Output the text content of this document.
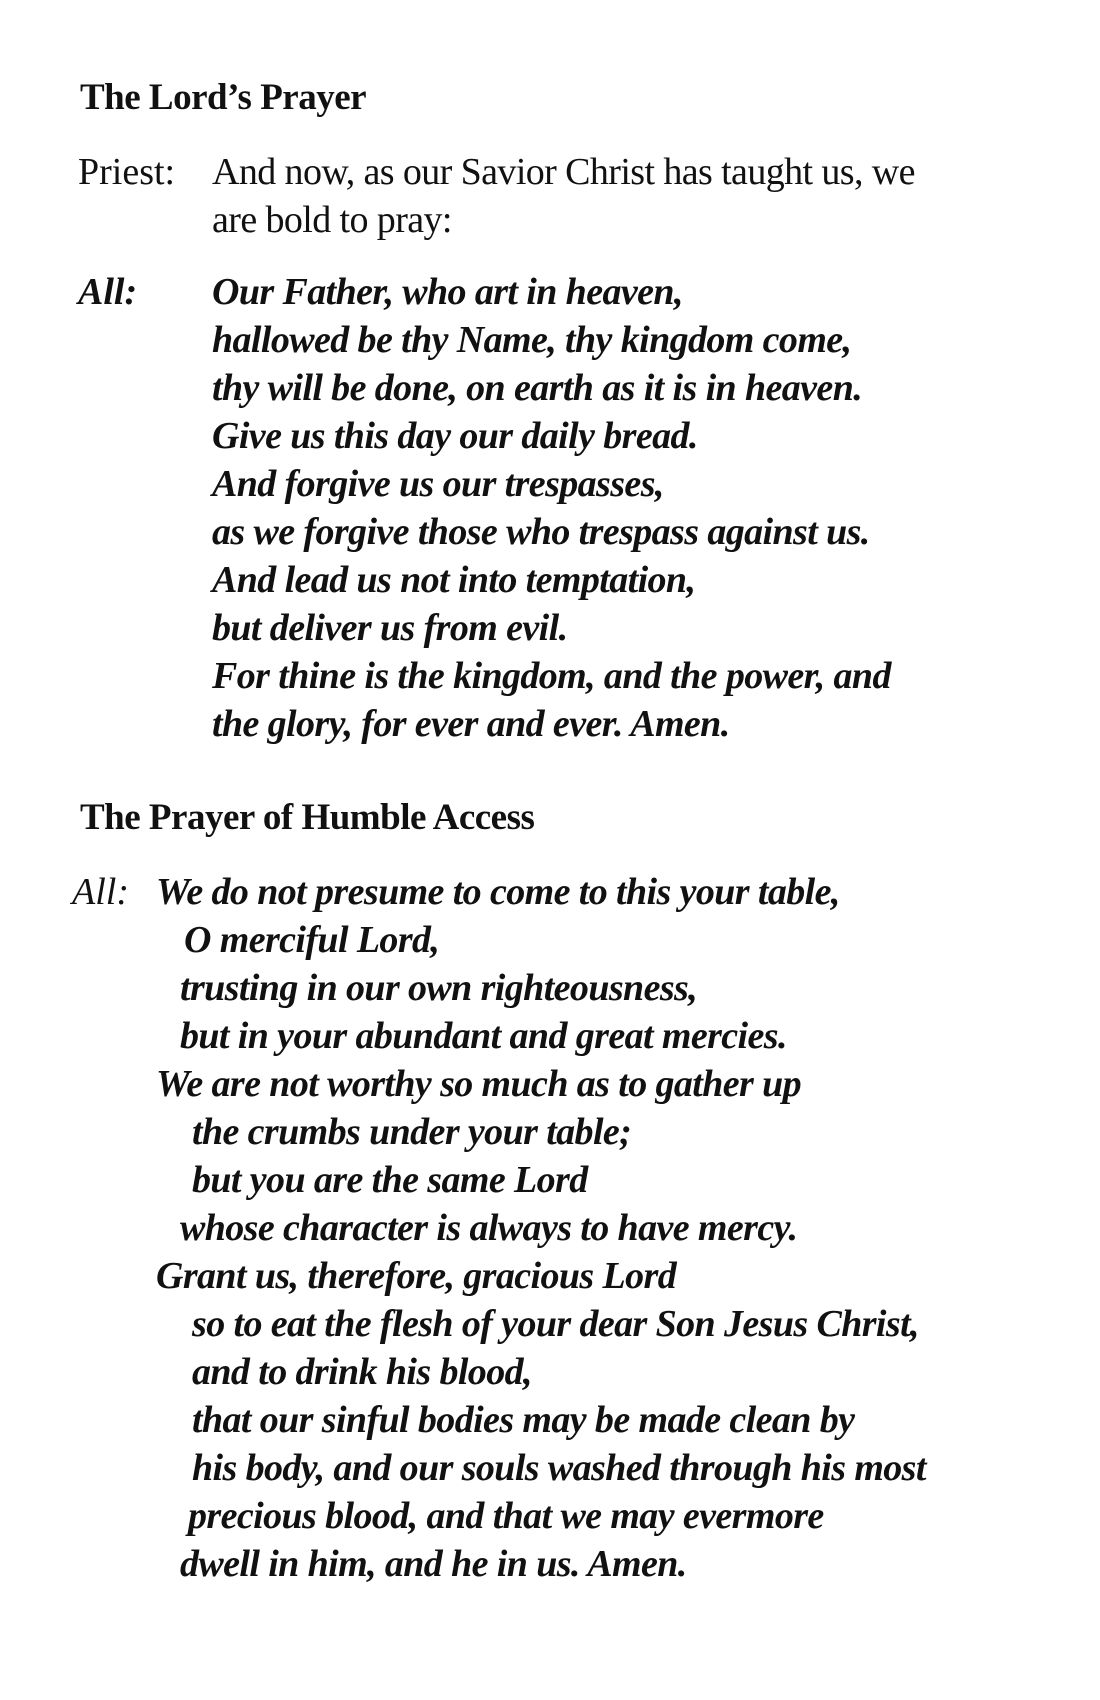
The Lord’s Prayer
Priest: And now, as our Savior Christ has taught us, we
are bold to pray:
All: Our Father, who art in heaven,
hallowed be thy Name, thy kingdom come,
thy will be done, on earth as it is in heaven.
Give us this day our daily bread.
And forgive us our trespasses,
as we forgive those who trespass against us.
And lead us not into temptation,
but deliver us from evil.
For thine is the kingdom, and the power, and
the glory, for ever and ever. Amen.
The Prayer of Humble Access
All: We do not presume to come to this your table,
O merciful Lord,
trusting in our own righteousness,
but in your abundant and great mercies.
We are not worthy so much as to gather up
the crumbs under your table;
but you are the same Lord
whose character is always to have mercy.
Grant us, therefore, gracious Lord
so to eat the flesh of your dear Son Jesus Christ,
and to drink his blood,
that our sinful bodies may be made clean by
his body, and our souls washed through his most
precious blood, and that we may evermore
dwell in him, and he in us. Amen.
